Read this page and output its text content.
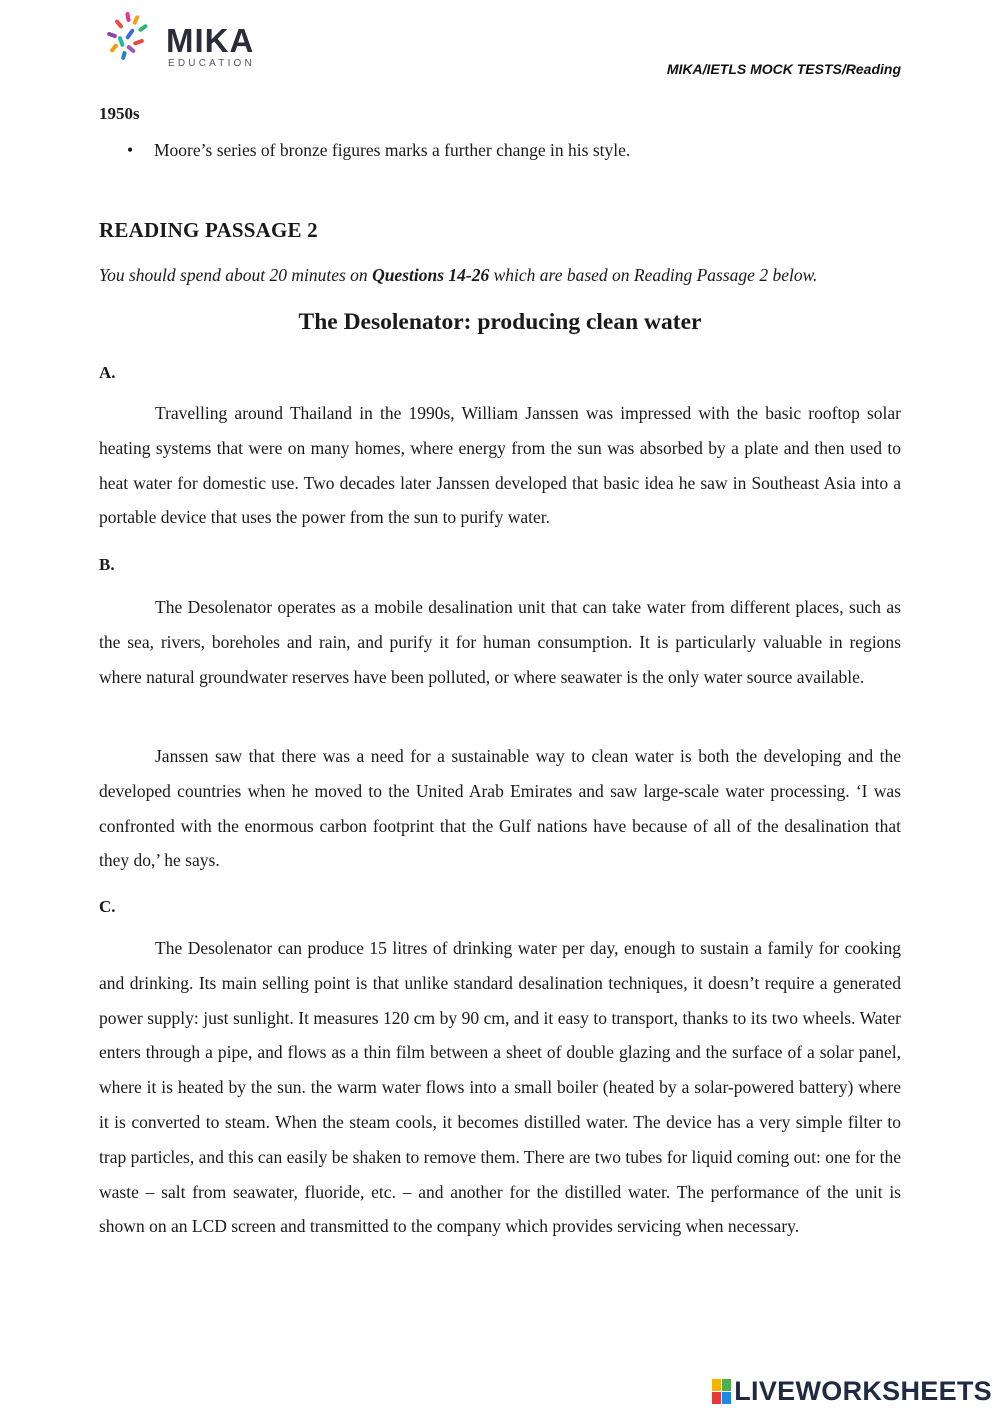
MIKA
EDUCATION	MIKA/IETLS MOCK TESTS/Reading
1950s
•	Moore’s series of bronze figures marks a further change in his style.
READING PASSAGE 2
You should spend about 20 minutes on Questions 14-26 which are based on Reading Passage 2 below.
The Desolenator: producing clean water
A.

Travelling around Thailand in the 1990s, William Janssen was impressed with the basic rooftop solar heating systems that were on many homes, where energy from the sun was absorbed by a plate and then used to heat water for domestic use. Two decades later Janssen developed that basic idea he saw in Southeast Asia into a portable device that uses the power from the sun to purify water.

B.

The Desolenator operates as a mobile desalination unit that can take water from different places, such as the sea, rivers, boreholes and rain, and purify it for human consumption. It is particularly valuable in regions where natural groundwater reserves have been polluted, or where seawater is the only water source available.

Janssen saw that there was a need for a sustainable way to clean water is both the developing and the developed countries when he moved to the United Arab Emirates and saw large-scale water processing. ‘I was confronted with the enormous carbon footprint that the Gulf nations have because of all of the desalination that they do,’ he says.

C.

The Desolenator can produce 15 litres of drinking water per day, enough to sustain a family for cooking and drinking. Its main selling point is that unlike standard desalination techniques, it doesn’t require a generated power supply: just sunlight. It measures 120 cm by 90 cm, and it easy to transport, thanks to its two wheels. Water enters through a pipe, and flows as a thin film between a sheet of double glazing and the surface of a solar panel, where it is heated by the sun. the warm water flows into a small boiler (heated by a solar-powered battery) where it is converted to steam. When the steam cools, it becomes distilled water. The device has a very simple filter to trap particles, and this can easily be shaken to remove them. There are two tubes for liquid coming out: one for the waste – salt from seawater, fluoride, etc. – and another for the distilled water. The performance of the unit is shown on an LCD screen and transmitted to the company which provides servicing when necessary.

LIVEWORKSHEETS
